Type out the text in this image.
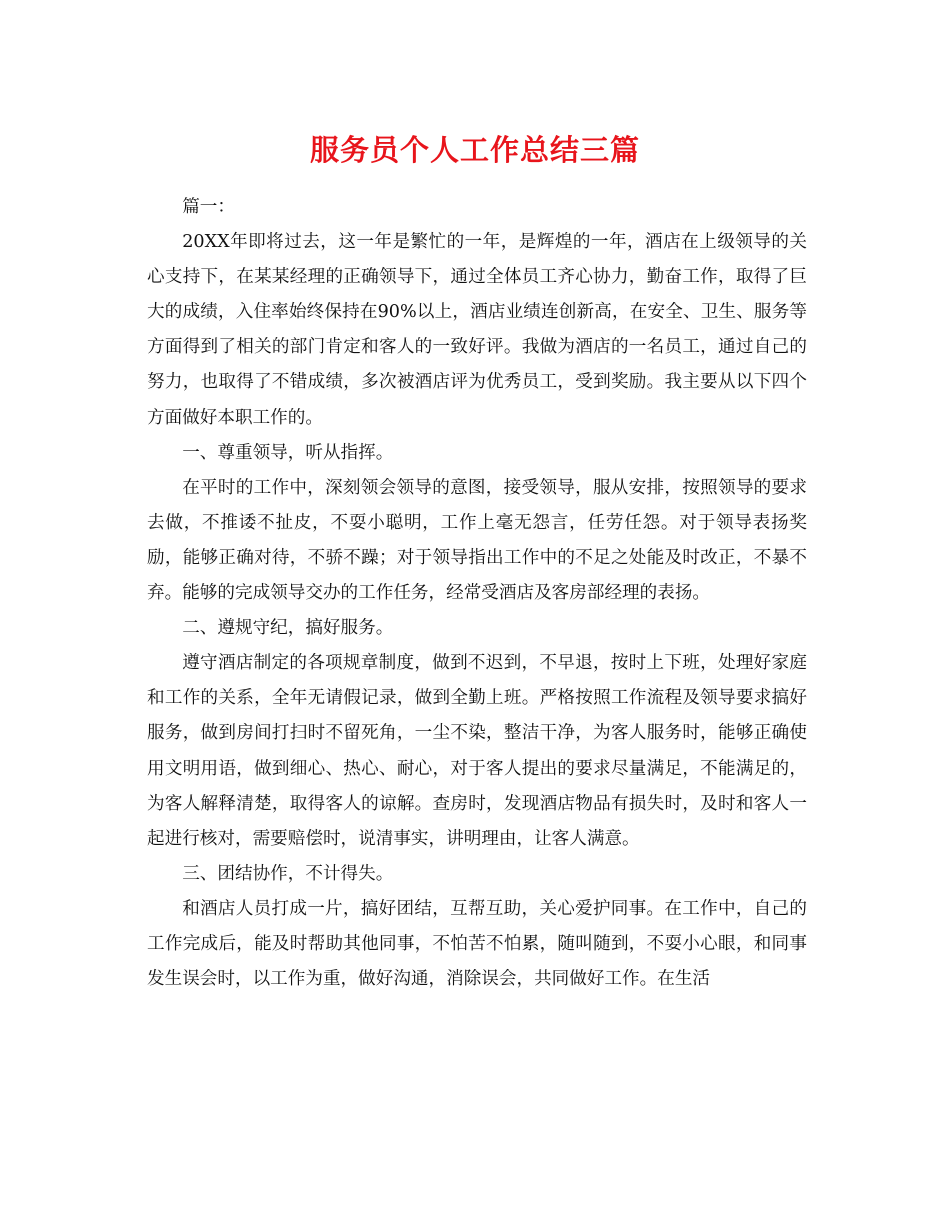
服务员个人工作总结三篇

篇一：

20XX年即将过去，这一年是繁忙的一年，是辉煌的一年，酒店在上级领导的关心支持下，在某某经理的正确领导下，通过全体员工齐心协力，勤奋工作，取得了巨大的成绩，入住率始终保持在90%以上，酒店业绩连创新高，在安全、卫生、服务等方面得到了相关的部门肯定和客人的一致好评。我做为酒店的一名员工，通过自己的努力，也取得了不错成绩，多次被酒店评为优秀员工，受到奖励。我主要从以下四个方面做好本职工作的。

一、尊重领导，听从指挥。

在平时的工作中，深刻领会领导的意图，接受领导，服从安排，按照领导的要求去做，不推诿不扯皮，不耍小聪明，工作上毫无怨言，任劳任怨。对于领导表扬奖励，能够正确对待，不骄不躁；对于领导指出工作中的不足之处能及时改正，不暴不弃。能够的完成领导交办的工作任务，经常受酒店及客房部经理的表扬。

二、遵规守纪，搞好服务。

遵守酒店制定的各项规章制度，做到不迟到，不早退，按时上下班，处理好家庭和工作的关系，全年无请假记录，做到全勤上班。严格按照工作流程及领导要求搞好服务，做到房间打扫时不留死角，一尘不染，整洁干净，为客人服务时，能够正确使用文明用语，做到细心、热心、耐心，对于客人提出的要求尽量满足，不能满足的，为客人解释清楚，取得客人的谅解。查房时，发现酒店物品有损失时，及时和客人一起进行核对，需要赔偿时，说清事实，讲明理由，让客人满意。

三、团结协作，不计得失。

和酒店人员打成一片，搞好团结，互帮互助，关心爱护同事。在工作中，自己的工作完成后，能及时帮助其他同事，不怕苦不怕累，随叫随到，不耍小心眼，和同事发生误会时，以工作为重，做好沟通，消除误会，共同做好工作。在生活
